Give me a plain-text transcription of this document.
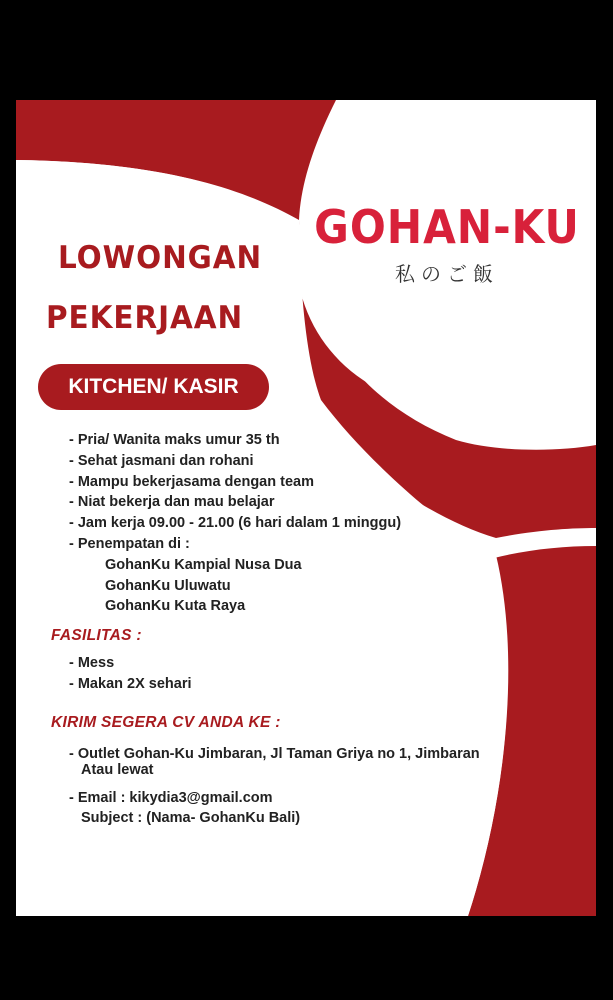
GOHAN-KU
私のご飯
LOWONGAN
PEKERJAAN
KITCHEN/ KASIR
- Pria/ Wanita maks umur 35 th
- Sehat jasmani dan rohani
- Mampu bekerjasama dengan team
- Niat bekerja dan mau belajar
- Jam kerja 09.00 - 21.00 (6 hari dalam 1 minggu)
- Penempatan di :
GohanKu Kampial Nusa Dua
GohanKu Uluwatu
GohanKu Kuta Raya
FASILITAS :
- Mess
- Makan 2X sehari
KIRIM SEGERA CV ANDA KE :
- Outlet Gohan-Ku Jimbaran, Jl Taman Griya no 1, Jimbaran
Atau lewat
- Email : kikydia3@gmail.com
Subject : (Nama- GohanKu Bali)
